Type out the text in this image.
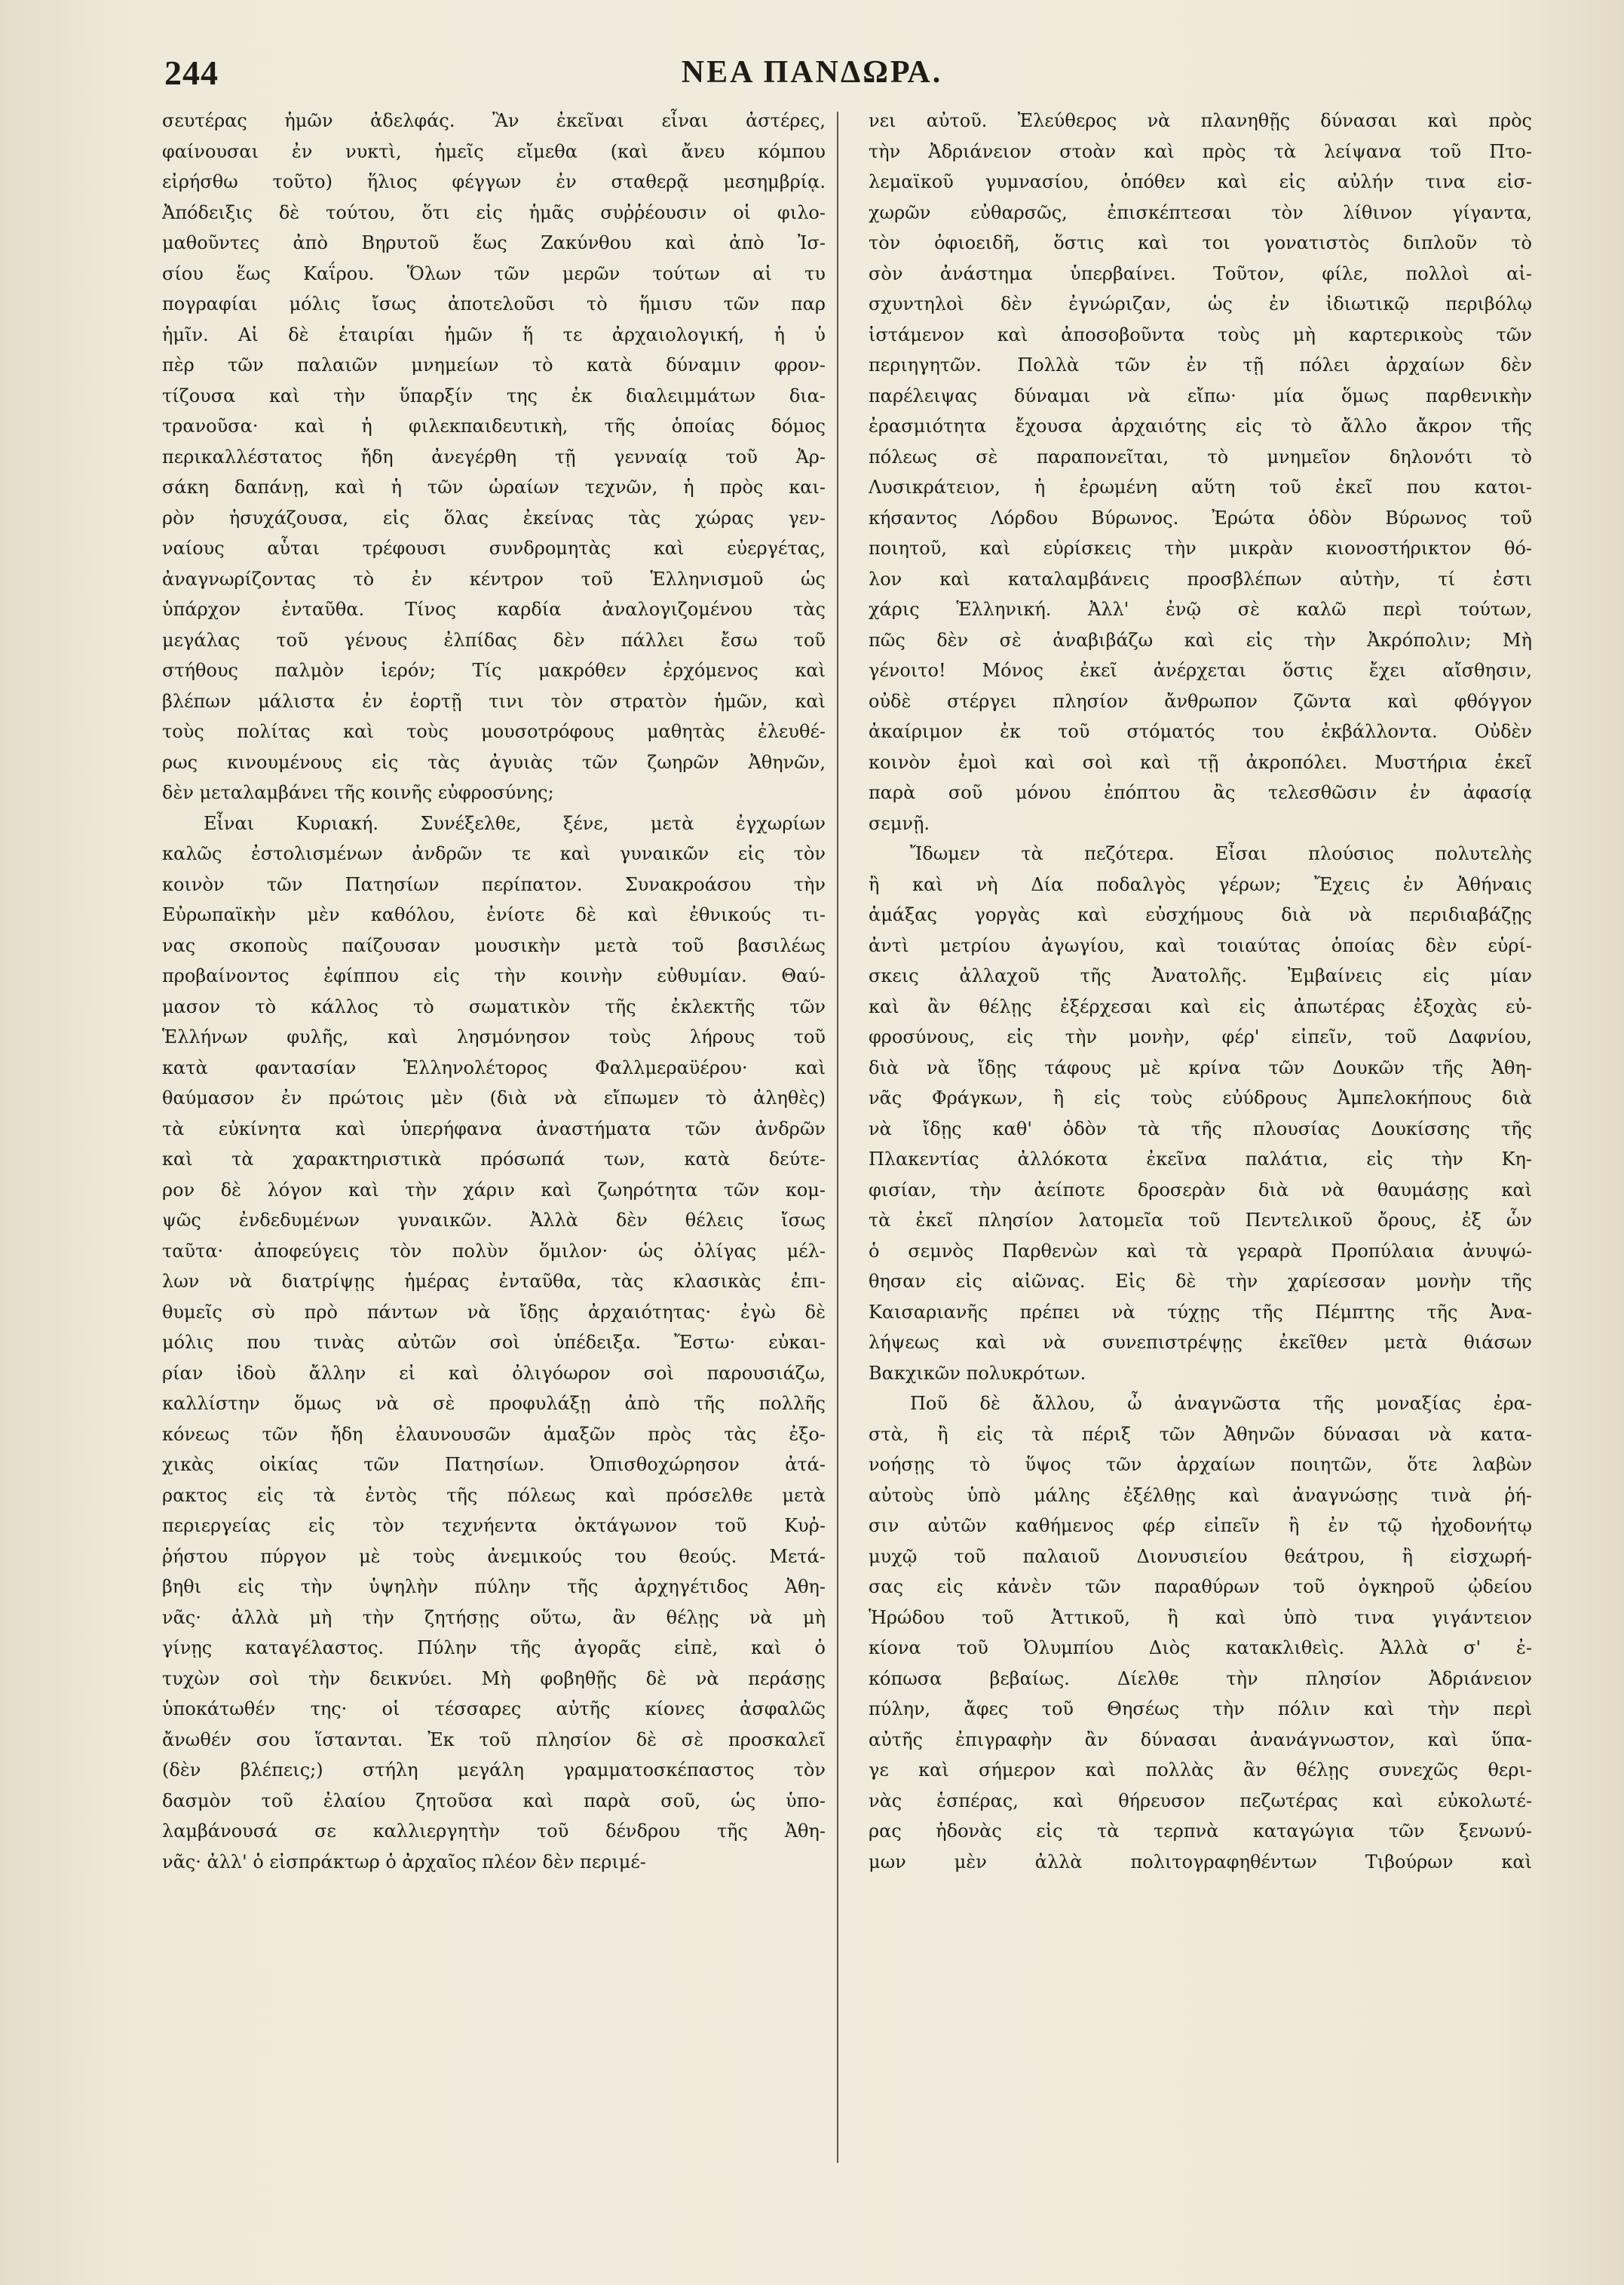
244	ΝΕΑ ΠΑΝΔΩΡΑ.
σευτέρας ἡμῶν ἀδελφάς. Ἂν ἐκεῖναι εἶναι ἀστέρες,
φαίνουσαι ἐν νυκτὶ, ἡμεῖς εἴμεθα (καὶ ἄνευ κόμπου
εἰρήσθω τοῦτο) ἥλιος φέγγων ἐν σταθερᾷ μεσημβρίᾳ.
Ἀπόδειξις δὲ τούτου, ὅτι εἰς ἡμᾶς συῤῥέουσιν οἱ φιλο-
μαθοῦντες ἀπὸ Βηρυτοῦ ἕως Ζακύνθου καὶ ἀπὸ Ἰσ-
σίου ἕως Καΐρου. Ὅλων τῶν μερῶν τούτων αἱ τυ
πογραφίαι μόλις ἴσως ἀποτελοῦσι τὸ ἥμισυ τῶν παρ
ἡμῖν. Αἱ δὲ ἑταιρίαι ἡμῶν ἥ τε ἀρχαιολογική, ἡ ὑ
πὲρ τῶν παλαιῶν μνημείων τὸ κατὰ δύναμιν φρον-
τίζουσα καὶ τὴν ὕπαρξίν της ἐκ διαλειμμάτων δια-
τρανοῦσα· καὶ ἡ φιλεκπαιδευτικὴ, τῆς ὁποίας δόμος
περικαλλέστατος ἤδη ἀνεγέρθη τῇ γενναίᾳ τοῦ Ἀρ-
σάκη δαπάνῃ, καὶ ἡ τῶν ὡραίων τεχνῶν, ἡ πρὸς και-
ρὸν ἡσυχάζουσα, εἰς ὅλας ἐκείνας τὰς χώρας γεν-
ναίους αὗται τρέφουσι συνδρομητὰς καὶ εὐεργέτας,
ἀναγνωρίζοντας τὸ ἐν κέντρον τοῦ Ἑλληνισμοῦ ὡς
ὑπάρχον ἐνταῦθα. Τίνος καρδία ἀναλογιζομένου τὰς
μεγάλας τοῦ γένους ἐλπίδας δὲν πάλλει ἔσω τοῦ
στήθους παλμὸν ἱερόν; Τίς μακρόθεν ἐρχόμενος καὶ
βλέπων μάλιστα ἐν ἑορτῇ τινι τὸν στρατὸν ἡμῶν, καὶ
τοὺς πολίτας καὶ τοὺς μουσοτρόφους μαθητὰς ἐλευθέ-
ρως κινουμένους εἰς τὰς ἀγυιὰς τῶν ζωηρῶν Ἀθηνῶν,
δὲν μεταλαμβάνει τῆς κοινῆς εὐφροσύνης;
Εἶναι Κυριακή. Συνέξελθε, ξένε, μετὰ ἐγχωρίων
καλῶς ἐστολισμένων ἀνδρῶν τε καὶ γυναικῶν εἰς τὸν
κοινὸν τῶν Πατησίων περίπατον. Συνακροάσου τὴν
Εὐρωπαϊκὴν μὲν καθόλου, ἐνίοτε δὲ καὶ ἐθνικούς τι-
νας σκοποὺς παίζουσαν μουσικὴν μετὰ τοῦ βασιλέως
προβαίνοντος ἐφίππου εἰς τὴν κοινὴν εὐθυμίαν. Θαύ-
μασον τὸ κάλλος τὸ σωματικὸν τῆς ἐκλεκτῆς τῶν
Ἑλλήνων φυλῆς, καὶ λησμόνησον τοὺς λήρους τοῦ
κατὰ φαντασίαν Ἑλληνολέτορος Φαλλμεραϋέρου· καὶ
θαύμασον ἐν πρώτοις μὲν (διὰ νὰ εἴπωμεν τὸ ἀληθὲς)
τὰ εὐκίνητα καὶ ὑπερήφανα ἀναστήματα τῶν ἀνδρῶν
καὶ τὰ χαρακτηριστικὰ πρόσωπά των, κατὰ δεύτε-
ρον δὲ λόγον καὶ τὴν χάριν καὶ ζωηρότητα τῶν κομ-
ψῶς ἐνδεδυμένων γυναικῶν. Ἀλλὰ δὲν θέλεις ἴσως
ταῦτα· ἀποφεύγεις τὸν πολὺν ὅμιλον· ὡς ὀλίγας μέλ-
λων νὰ διατρίψῃς ἡμέρας ἐνταῦθα, τὰς κλασικὰς ἐπι-
θυμεῖς σὺ πρὸ πάντων νὰ ἴδῃς ἀρχαιότητας· ἐγὼ δὲ
μόλις που τινὰς αὐτῶν σοὶ ὑπέδειξα. Ἔστω· εὐκαι-
ρίαν ἰδοὺ ἄλλην εἰ καὶ ὀλιγόωρον σοὶ παρουσιάζω,
καλλίστην ὅμως νὰ σὲ προφυλάξῃ ἀπὸ τῆς πολλῆς
κόνεως τῶν ἤδη ἐλαυνουσῶν ἁμαξῶν πρὸς τὰς ἐξο-
χικὰς οἰκίας τῶν Πατησίων. Ὀπισθοχώρησον ἀτά-
ρακτος εἰς τὰ ἐντὸς τῆς πόλεως καὶ πρόσελθε μετὰ
περιεργείας εἰς τὸν τεχνήεντα ὀκτάγωνον τοῦ Κυῤ-
ῥήστου πύργον μὲ τοὺς ἀνεμικούς του θεούς. Μετά-
βηθι εἰς τὴν ὑψηλὴν πύλην τῆς ἀρχηγέτιδος Ἀθη-
νᾶς· ἀλλὰ μὴ τὴν ζητήσῃς οὕτω, ἂν θέλῃς νὰ μὴ
γίνῃς καταγέλαστος. Πύλην τῆς ἀγορᾶς εἰπὲ, καὶ ὁ
τυχὼν σοὶ τὴν δεικνύει. Μὴ φοβηθῇς δὲ νὰ περάσῃς
ὑποκάτωθέν της· οἱ τέσσαρες αὐτῆς κίονες ἀσφαλῶς
ἄνωθέν σου ἵστανται. Ἐκ τοῦ πλησίον δὲ σὲ προσκαλεῖ
(δὲν βλέπεις;) στήλη μεγάλη γραμματοσκέπαστος τὸν
δασμὸν τοῦ ἐλαίου ζητοῦσα καὶ παρὰ σοῦ, ὡς ὑπο-
λαμβάνουσά σε καλλιεργητὴν τοῦ δένδρου τῆς Ἀθη-
νᾶς· ἀλλ' ὁ εἰσπράκτωρ ὁ ἀρχαῖος πλέον δὲν περιμέ-
νει αὐτοῦ. Ἐλεύθερος νὰ πλανηθῇς δύνασαι καὶ πρὸς
τὴν Ἀδριάνειον στοὰν καὶ πρὸς τὰ λείψανα τοῦ Πτο-
λεμαϊκοῦ γυμνασίου, ὁπόθεν καὶ εἰς αὐλήν τινα εἰσ-
χωρῶν εὐθαρσῶς, ἐπισκέπτεσαι τὸν λίθινον γίγαντα,
τὸν ὀφιοειδῆ, ὅστις καὶ τοι γονατιστὸς διπλοῦν τὸ
σὸν ἀνάστημα ὑπερβαίνει. Τοῦτον, φίλε, πολλοὶ αἰ-
σχυντηλοὶ δὲν ἐγνώριζαν, ὡς ἐν ἰδιωτικῷ περιβόλῳ
ἱστάμενον καὶ ἀποσοβοῦντα τοὺς μὴ καρτερικοὺς τῶν
περιηγητῶν. Πολλὰ τῶν ἐν τῇ πόλει ἀρχαίων δὲν
παρέλειψας δύναμαι νὰ εἴπω· μία ὅμως παρθενικὴν
ἐρασμιότητα ἔχουσα ἀρχαιότης εἰς τὸ ἄλλο ἄκρον τῆς
πόλεως σὲ παραπονεῖται, τὸ μνημεῖον δηλονότι τὸ
Λυσικράτειον, ἡ ἐρωμένη αὕτη τοῦ ἐκεῖ που κατοι-
κήσαντος Λόρδου Βύρωνος. Ἐρώτα ὁδὸν Βύρωνος τοῦ
ποιητοῦ, καὶ εὑρίσκεις τὴν μικρὰν κιονοστήρικτον θό-
λον καὶ καταλαμβάνεις προσβλέπων αὐτὴν, τί ἐστι
χάρις Ἑλληνική. Ἀλλ' ἐνῷ σὲ καλῶ περὶ τούτων,
πῶς δὲν σὲ ἀναβιβάζω καὶ εἰς τὴν Ἀκρόπολιν; Μὴ
γένοιτο! Μόνος ἐκεῖ ἀνέρχεται ὅστις ἔχει αἴσθησιν,
οὐδὲ στέργει πλησίον ἄνθρωπον ζῶντα καὶ φθόγγον
ἀκαίριμον ἐκ τοῦ στόματός του ἐκβάλλοντα. Οὐδὲν
κοινὸν ἐμοὶ καὶ σοὶ καὶ τῇ ἀκροπόλει. Μυστήρια ἐκεῖ
παρὰ σοῦ μόνου ἐπόπτου ἂς τελεσθῶσιν ἐν ἀφασίᾳ
σεμνῇ.
Ἴδωμεν τὰ πεζότερα. Εἶσαι πλούσιος πολυτελὴς
ἢ καὶ νὴ Δία ποδαλγὸς γέρων; Ἔχεις ἐν Ἀθήναις
ἁμάξας γοργὰς καὶ εὐσχήμους διὰ νὰ περιδιαβάζῃς
ἀντὶ μετρίου ἀγωγίου, καὶ τοιαύτας ὁποίας δὲν εὑρί-
σκεις ἀλλαχοῦ τῆς Ἀνατολῆς. Ἐμβαίνεις εἰς μίαν
καὶ ἂν θέλῃς ἐξέρχεσαι καὶ εἰς ἀπωτέρας ἐξοχὰς εὐ-
φροσύνους, εἰς τὴν μονὴν, φέρ' εἰπεῖν, τοῦ Δαφνίου,
διὰ νὰ ἴδῃς τάφους μὲ κρίνα τῶν Δουκῶν τῆς Ἀθη-
νᾶς Φράγκων, ἢ εἰς τοὺς εὐύδρους Ἀμπελοκήπους διὰ
νὰ ἴδῃς καθ' ὁδὸν τὰ τῆς πλουσίας Δουκίσσης τῆς
Πλακεντίας ἀλλόκοτα ἐκεῖνα παλάτια, εἰς τὴν Κη-
φισίαν, τὴν ἀείποτε δροσερὰν διὰ νὰ θαυμάσῃς καὶ
τὰ ἐκεῖ πλησίον λατομεῖα τοῦ Πεντελικοῦ ὄρους, ἐξ ὧν
ὁ σεμνὸς Παρθενὼν καὶ τὰ γεραρὰ Προπύλαια ἀνυψώ-
θησαν εἰς αἰῶνας. Εἰς δὲ τὴν χαρίεσσαν μονὴν τῆς
Καισαριανῆς πρέπει νὰ τύχῃς τῆς Πέμπτης τῆς Ἀνα-
λήψεως καὶ νὰ συνεπιστρέψῃς ἐκεῖθεν μετὰ θιάσων
Βακχικῶν πολυκρότων.
Ποῦ δὲ ἄλλου, ὦ ἀναγνῶστα τῆς μοναξίας ἐρα-
στὰ, ἢ εἰς τὰ πέριξ τῶν Ἀθηνῶν δύνασαι νὰ κατα-
νοήσῃς τὸ ὕψος τῶν ἀρχαίων ποιητῶν, ὅτε λαβὼν
αὐτοὺς ὑπὸ μάλης ἐξέλθῃς καὶ ἀναγνώσῃς τινὰ ῥή-
σιν αὐτῶν καθήμενος φέρ εἰπεῖν ἢ ἐν τῷ ἠχοδονήτῳ
μυχῷ τοῦ παλαιοῦ Διονυσιείου θεάτρου, ἢ εἰσχωρή-
σας εἰς κἀνὲν τῶν παραθύρων τοῦ ὀγκηροῦ ᾠδείου
Ἡρώδου τοῦ Ἀττικοῦ, ἢ καὶ ὑπὸ τινα γιγάντειον
κίονα τοῦ Ὀλυμπίου Διὸς κατακλιθεὶς. Ἀλλὰ σ' ἐ-
κόπωσα βεβαίως. Δίελθε τὴν πλησίον Ἀδριάνειον
πύλην, ἄφες τοῦ Θησέως τὴν πόλιν καὶ τὴν περὶ
αὐτῆς ἐπιγραφὴν ἂν δύνασαι ἀνανάγνωστον, καὶ ὕπα-
γε καὶ σήμερον καὶ πολλὰς ἂν θέλῃς συνεχῶς θερι-
νὰς ἑσπέρας, καὶ θήρευσον πεζωτέρας καὶ εὐκολωτέ-
ρας ἡδονὰς εἰς τὰ τερπνὰ καταγώγια τῶν ξενωνύ-
μων μὲν ἀλλὰ πολιτογραφηθέντων Τιβούρων καὶ
